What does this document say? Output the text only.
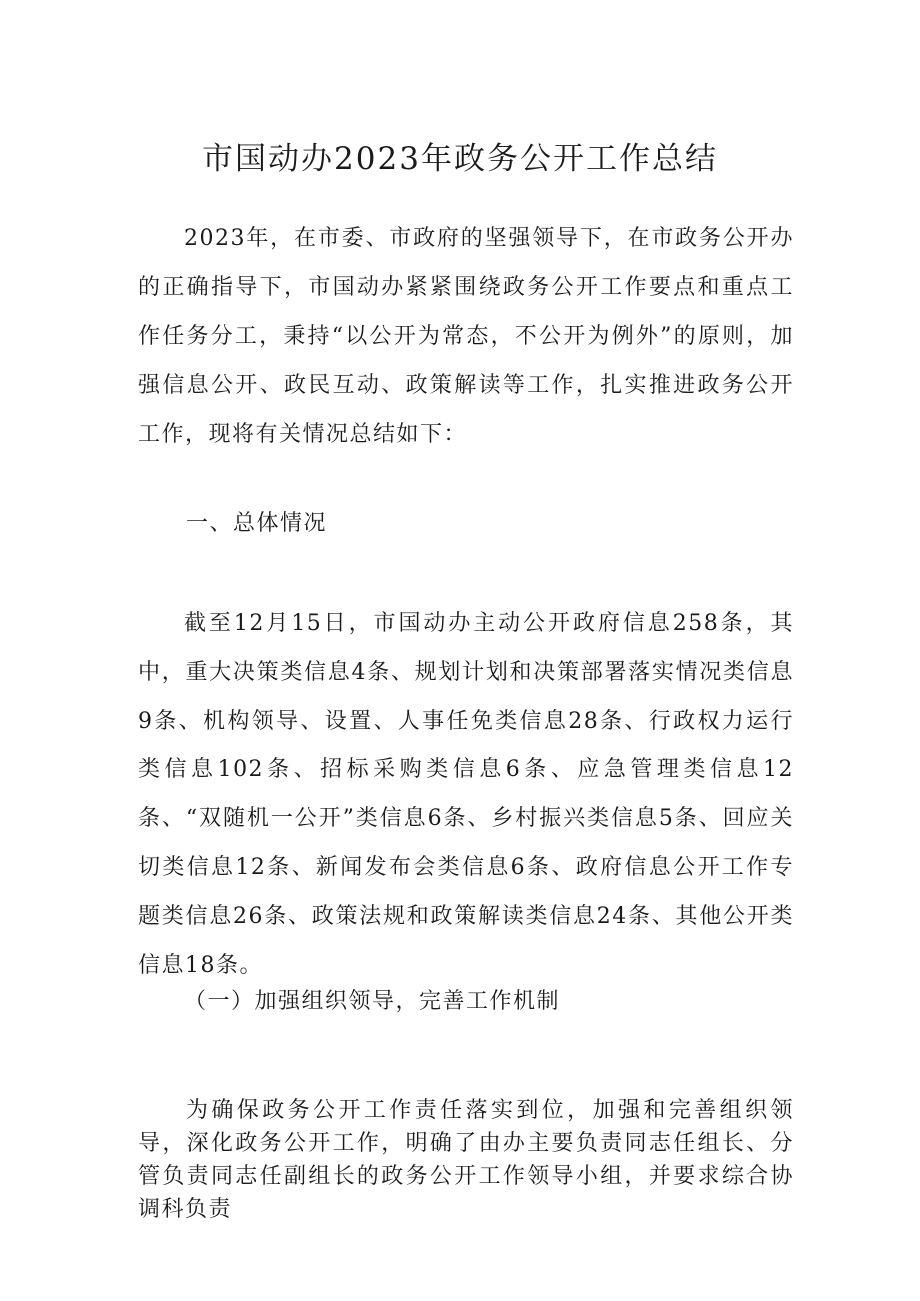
市国动办2023年政务公开工作总结

2023年，在市委、市政府的坚强领导下，在市政务公开办的正确指导下，市国动办紧紧围绕政务公开工作要点和重点工作任务分工，秉持“以公开为常态，不公开为例外”的原则，加强信息公开、政民互动、政策解读等工作，扎实推进政务公开工作，现将有关情况总结如下：

一、总体情况

截至12月15日，市国动办主动公开政府信息258条，其中，重大决策类信息4条、规划计划和决策部署落实情况类信息9条、机构领导、设置、人事任免类信息28条、行政权力运行类信息102条、招标采购类信息6条、应急管理类信息12条、“双随机一公开”类信息6条、乡村振兴类信息5条、回应关切类信息12条、新闻发布会类信息6条、政府信息公开工作专题类信息26条、政策法规和政策解读类信息24条、其他公开类信息18条。

（一）加强组织领导，完善工作机制

为确保政务公开工作责任落实到位，加强和完善组织领导，深化政务公开工作，明确了由办主要负责同志任组长、分管负责同志任副组长的政务公开工作领导小组，并要求综合协调科负责
